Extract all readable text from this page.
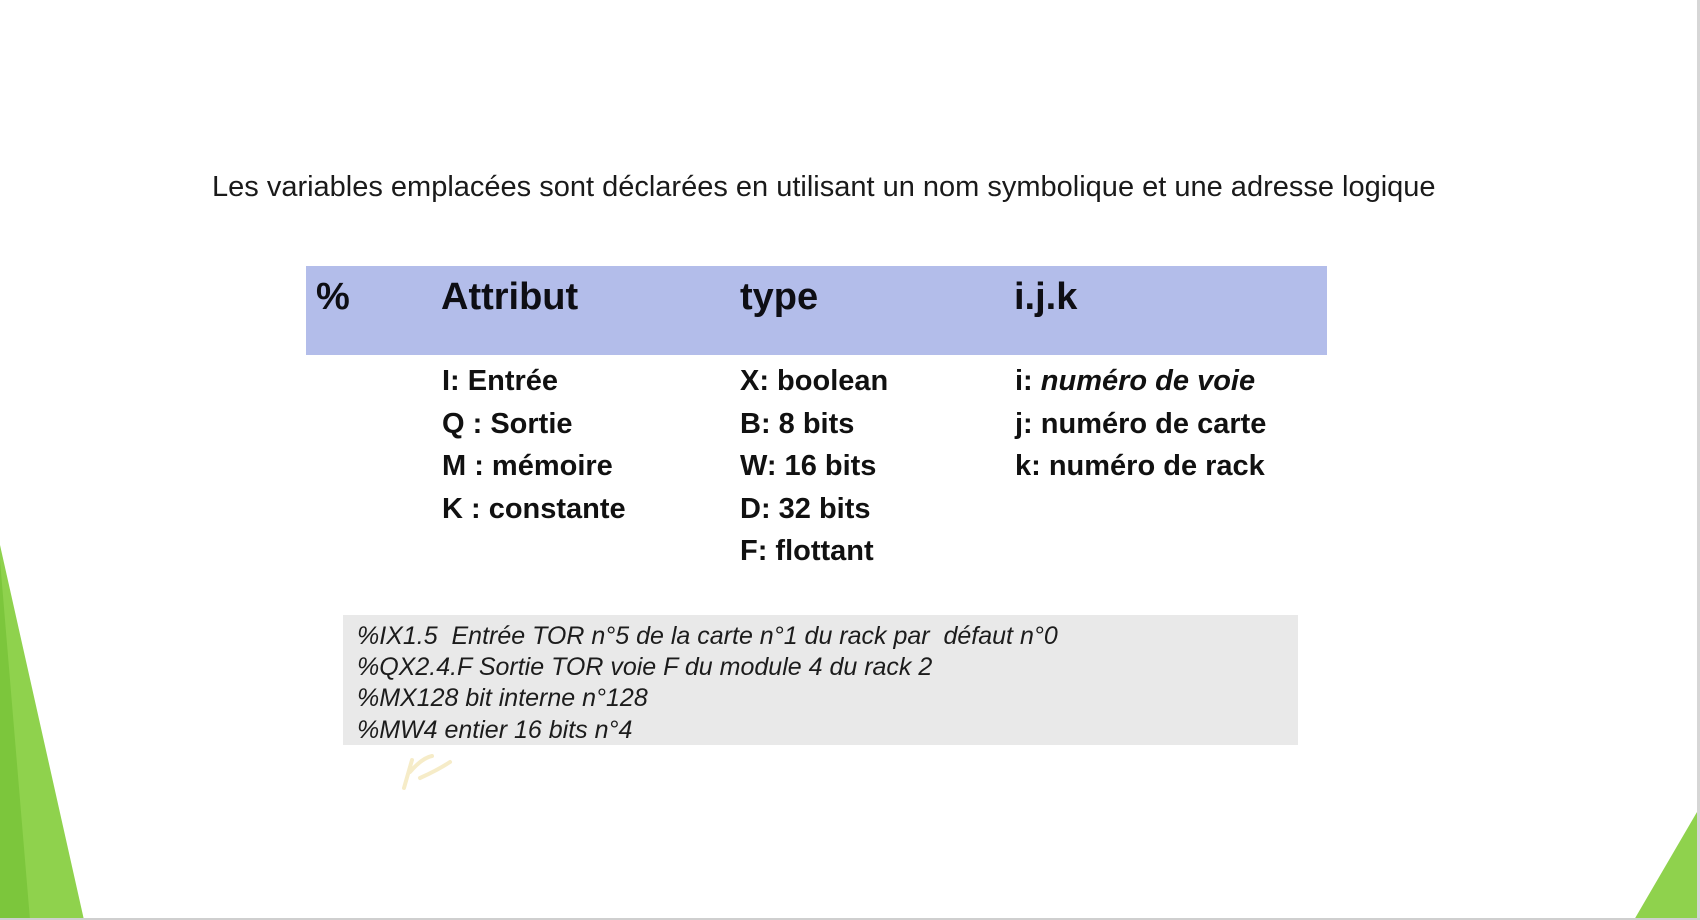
Les variables emplacées sont déclarées en utilisant un nom symbolique et une adresse logique
% Attribut	type	i.j.k
I: Entrée
Q : Sortie
M : mémoire
K : constante
X: boolean
B: 8 bits
W: 16 bits
D: 32 bits
F: flottant
i: numéro de voie
j: numéro de carte
k: numéro de rack
%IX1.5  Entrée TOR n°5 de la carte n°1 du rack par  défaut n°0
%QX2.4.F Sortie TOR voie F du module 4 du rack 2
%MX128 bit interne n°128
%MW4 entier 16 bits n°4
